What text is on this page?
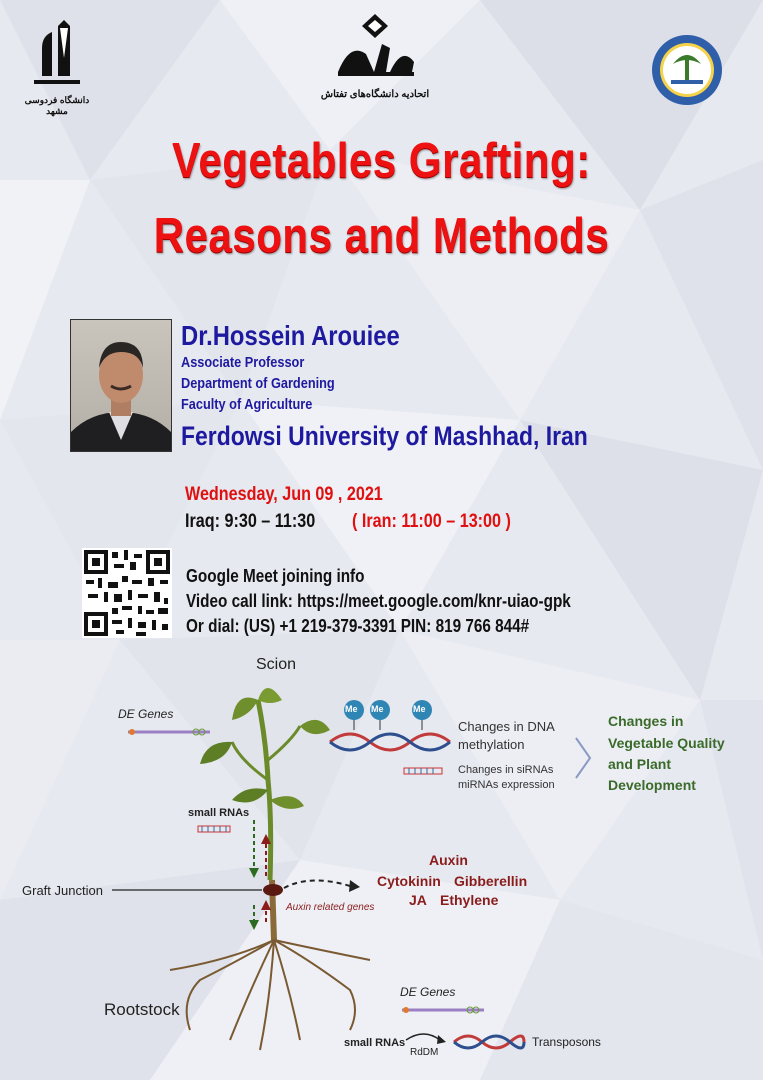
دانشگاه فردوسی مشهد
اتحادیه دانشگاه‌های تفتاش
Vegetables Grafting:
Reasons and Methods
Dr.Hossein Arouiee
Associate Professor
Department of Gardening
Faculty of Agriculture
Ferdowsi University of Mashhad, Iran
Wednesday, Jun 09 , 2021
Iraq: 9:30 – 11:30 ( Iran: 11:00 – 13:00 )
Google Meet joining info
Video call link: https://meet.google.com/knr-uiao-gpk
Or dial: (US) +1 219-379-3391 PIN: 819 766 844#
Scion
DE Genes	Me Me	Me
Changes in DNA
methylation
Changes in siRNAs
miRNAs expression
Changes in
Vegetable Quality
and Plant
Development
small RNAs
Graft Junction
Auxin related genes
Auxin
Cytokinin Gibberellin
JA Ethylene
Rootstock
DE Genes
small RNAs
RdDM
Transposons
